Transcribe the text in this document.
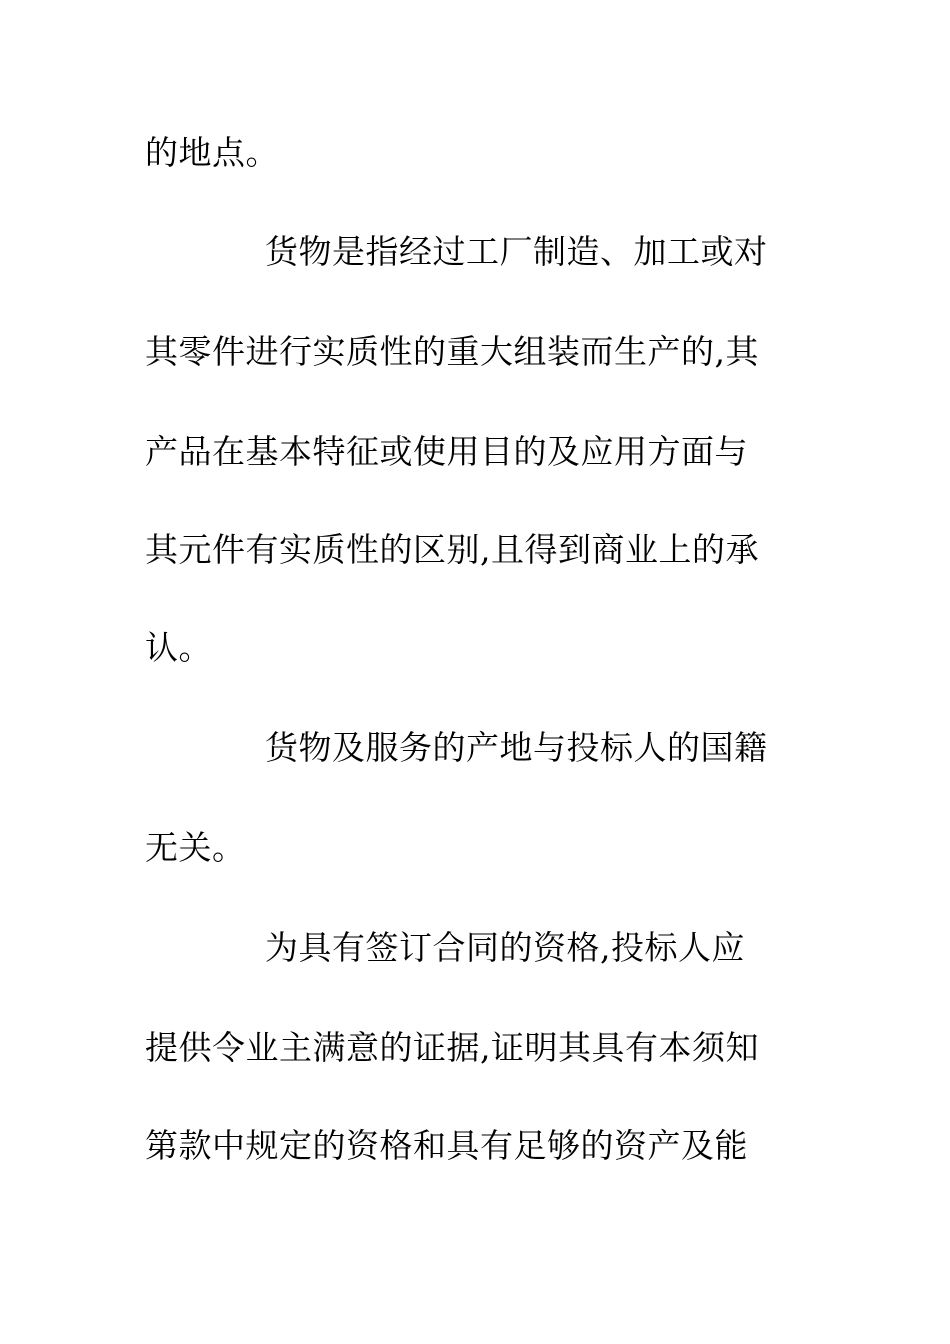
的地点。
货物是指经过工厂制造、加工或对
其零件进行实质性的重大组装而生产的,其
产品在基本特征或使用目的及应用方面与
其元件有实质性的区别,且得到商业上的承
认。
货物及服务的产地与投标人的国籍
无关。
为具有签订合同的资格,投标人应
提供令业主满意的证据,证明其具有本须知
第款中规定的资格和具有足够的资产及能
